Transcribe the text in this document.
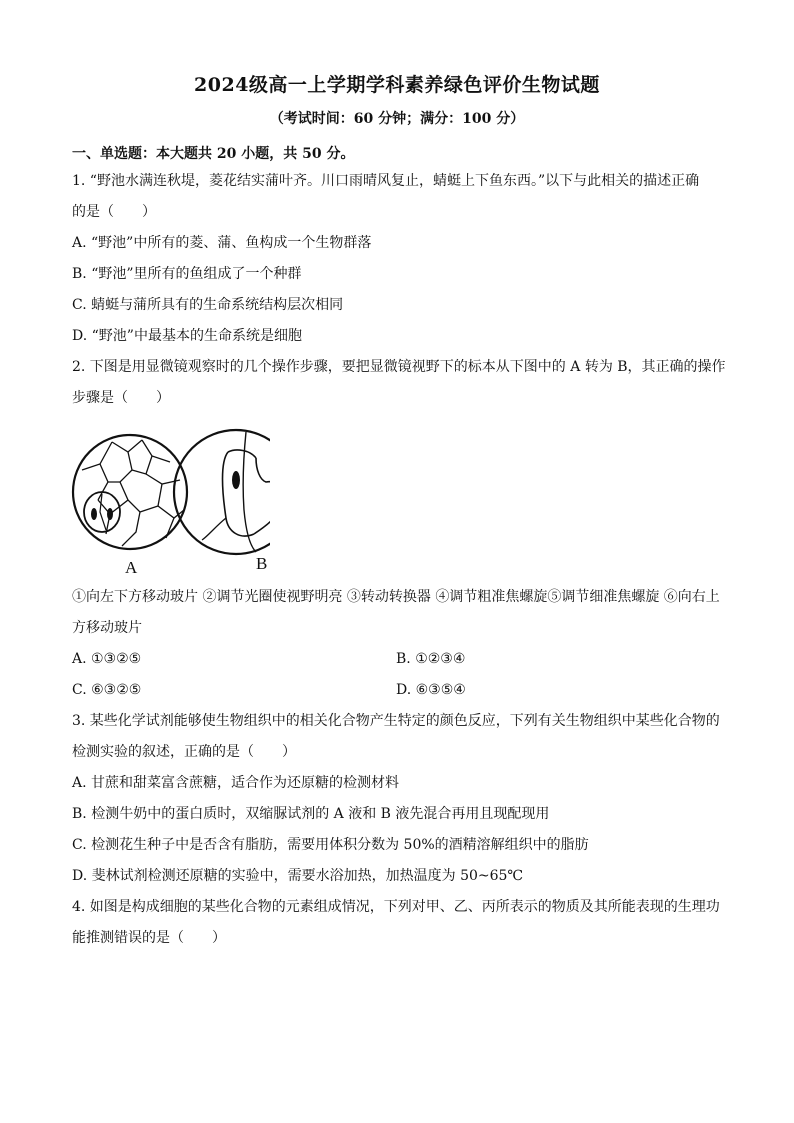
2024级高一上学期学科素养绿色评价生物试题
（考试时间：60 分钟；满分：100 分）
一、单选题：本大题共 20 小题，共 50 分。
1. “野池水满连秋堤，菱花结实蒲叶齐。川口雨晴风复止，蜻蜓上下鱼东西。”以下与此相关的描述正确
的是（　　）
A. “野池”中所有的菱、蒲、鱼构成一个生物群落
B. “野池”里所有的鱼组成了一个种群
C. 蜻蜓与蒲所具有的生命系统结构层次相同
D. “野池”中最基本的生命系统是细胞
2. 下图是用显微镜观察时的几个操作步骤，要把显微镜视野下的标本从下图中的 A 转为 B，其正确的操作
步骤是（　　）
A	B
①向左下方移动玻片 ②调节光圈使视野明亮 ③转动转换器 ④调节粗准焦螺旋⑤调节细准焦螺旋 ⑥向右上
方移动玻片
A. ①③②⑤	B. ①②③④
C. ⑥③②⑤	D. ⑥③⑤④
3. 某些化学试剂能够使生物组织中的相关化合物产生特定的颜色反应，下列有关生物组织中某些化合物的
检测实验的叙述，正确的是（　　）
A. 甘蔗和甜菜富含蔗糖，适合作为还原糖的检测材料
B. 检测牛奶中的蛋白质时，双缩脲试剂的 A 液和 B 液先混合再用且现配现用
C. 检测花生种子中是否含有脂肪，需要用体积分数为 50%的酒精溶解组织中的脂肪
D. 斐林试剂检测还原糖的实验中，需要水浴加热，加热温度为 50~65℃
4. 如图是构成细胞的某些化合物的元素组成情况，下列对甲、乙、丙所表示的物质及其所能表现的生理功
能推测错误的是（　　）
